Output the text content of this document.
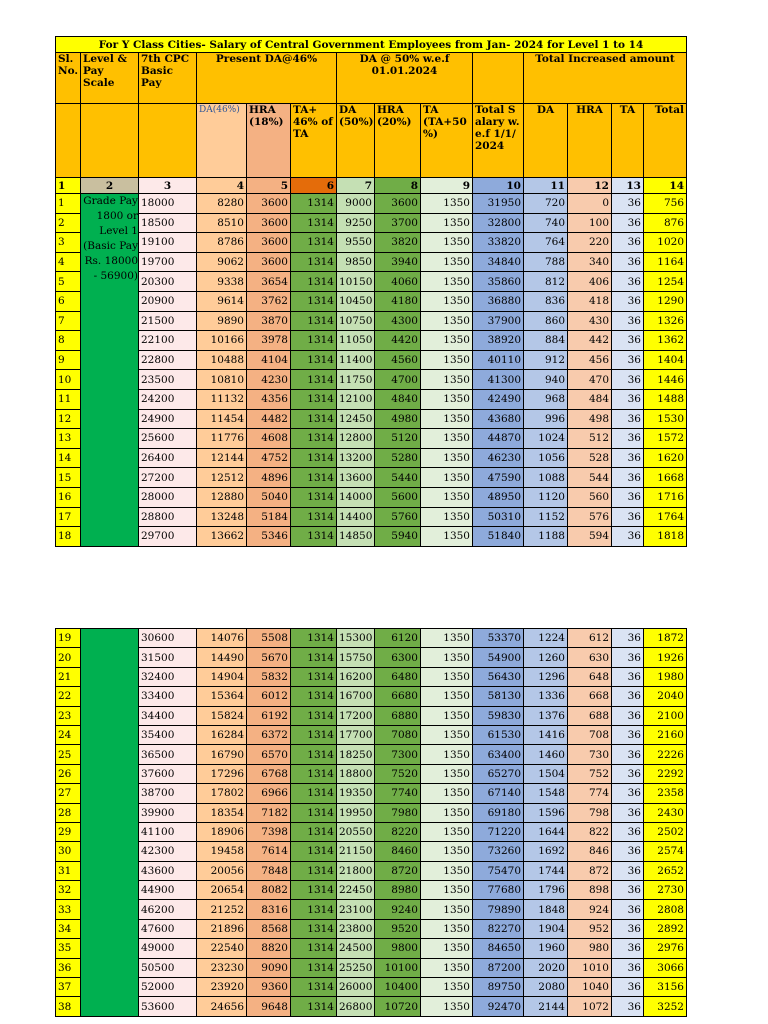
For Y Class Cities- Salary of Central Government Employees from Jan- 2024 for Level 1 to 14													
Sl. No.	Level & Pay Scale	7th CPC Basic Pay	Present DA@46%			DA @ 50% w.e.f 01.01.2024				Total Increased amount			
			DA(46%)	HRA (18%)	TA+ 46% of TA	DA (50%)	HRA (20%)	TA (TA+50 %)	Total Salary w.e.f 1/1/2024	DA	HRA	TA	Total
1	2	3	4	5	6	7	8	9	10	11	12	13	14
1	Grade Pay 1800 or Level 1 (Basic Pay Rs. 18000 - 56900)	18000	8280	3600	1314	9000	3600	1350	31950	720	0	36	756
2		18500	8510	3600	1314	9250	3700	1350	32800	740	100	36	876
3		19100	8786	3600	1314	9550	3820	1350	33820	764	220	36	1020
4		19700	9062	3600	1314	9850	3940	1350	34840	788	340	36	1164
5		20300	9338	3654	1314	10150	4060	1350	35860	812	406	36	1254
6		20900	9614	3762	1314	10450	4180	1350	36880	836	418	36	1290
7		21500	9890	3870	1314	10750	4300	1350	37900	860	430	36	1326
8		22100	10166	3978	1314	11050	4420	1350	38920	884	442	36	1362
9		22800	10488	4104	1314	11400	4560	1350	40110	912	456	36	1404
10		23500	10810	4230	1314	11750	4700	1350	41300	940	470	36	1446
11		24200	11132	4356	1314	12100	4840	1350	42490	968	484	36	1488
12		24900	11454	4482	1314	12450	4980	1350	43680	996	498	36	1530
13		25600	11776	4608	1314	12800	5120	1350	44870	1024	512	36	1572
14		26400	12144	4752	1314	13200	5280	1350	46230	1056	528	36	1620
15		27200	12512	4896	1314	13600	5440	1350	47590	1088	544	36	1668
16		28000	12880	5040	1314	14000	5600	1350	48950	1120	560	36	1716
17		28800	13248	5184	1314	14400	5760	1350	50310	1152	576	36	1764
18		29700	13662	5346	1314	14850	5940	1350	51840	1188	594	36	1818
19		30600	14076	5508	1314	15300	6120	1350	53370	1224	612	36	1872
20		31500	14490	5670	1314	15750	6300	1350	54900	1260	630	36	1926
21		32400	14904	5832	1314	16200	6480	1350	56430	1296	648	36	1980
22		33400	15364	6012	1314	16700	6680	1350	58130	1336	668	36	2040
23		34400	15824	6192	1314	17200	6880	1350	59830	1376	688	36	2100
24		35400	16284	6372	1314	17700	7080	1350	61530	1416	708	36	2160
25		36500	16790	6570	1314	18250	7300	1350	63400	1460	730	36	2226
26		37600	17296	6768	1314	18800	7520	1350	65270	1504	752	36	2292
27		38700	17802	6966	1314	19350	7740	1350	67140	1548	774	36	2358
28		39900	18354	7182	1314	19950	7980	1350	69180	1596	798	36	2430
29		41100	18906	7398	1314	20550	8220	1350	71220	1644	822	36	2502
30		42300	19458	7614	1314	21150	8460	1350	73260	1692	846	36	2574
31		43600	20056	7848	1314	21800	8720	1350	75470	1744	872	36	2652
32		44900	20654	8082	1314	22450	8980	1350	77680	1796	898	36	2730
33		46200	21252	8316	1314	23100	9240	1350	79890	1848	924	36	2808
34		47600	21896	8568	1314	23800	9520	1350	82270	1904	952	36	2892
35		49000	22540	8820	1314	24500	9800	1350	84650	1960	980	36	2976
36		50500	23230	9090	1314	25250	10100	1350	87200	2020	1010	36	3066
37		52000	23920	9360	1314	26000	10400	1350	89750	2080	1040	36	3156
38		53600	24656	9648	1314	26800	10720	1350	92470	2144	1072	36	3252
